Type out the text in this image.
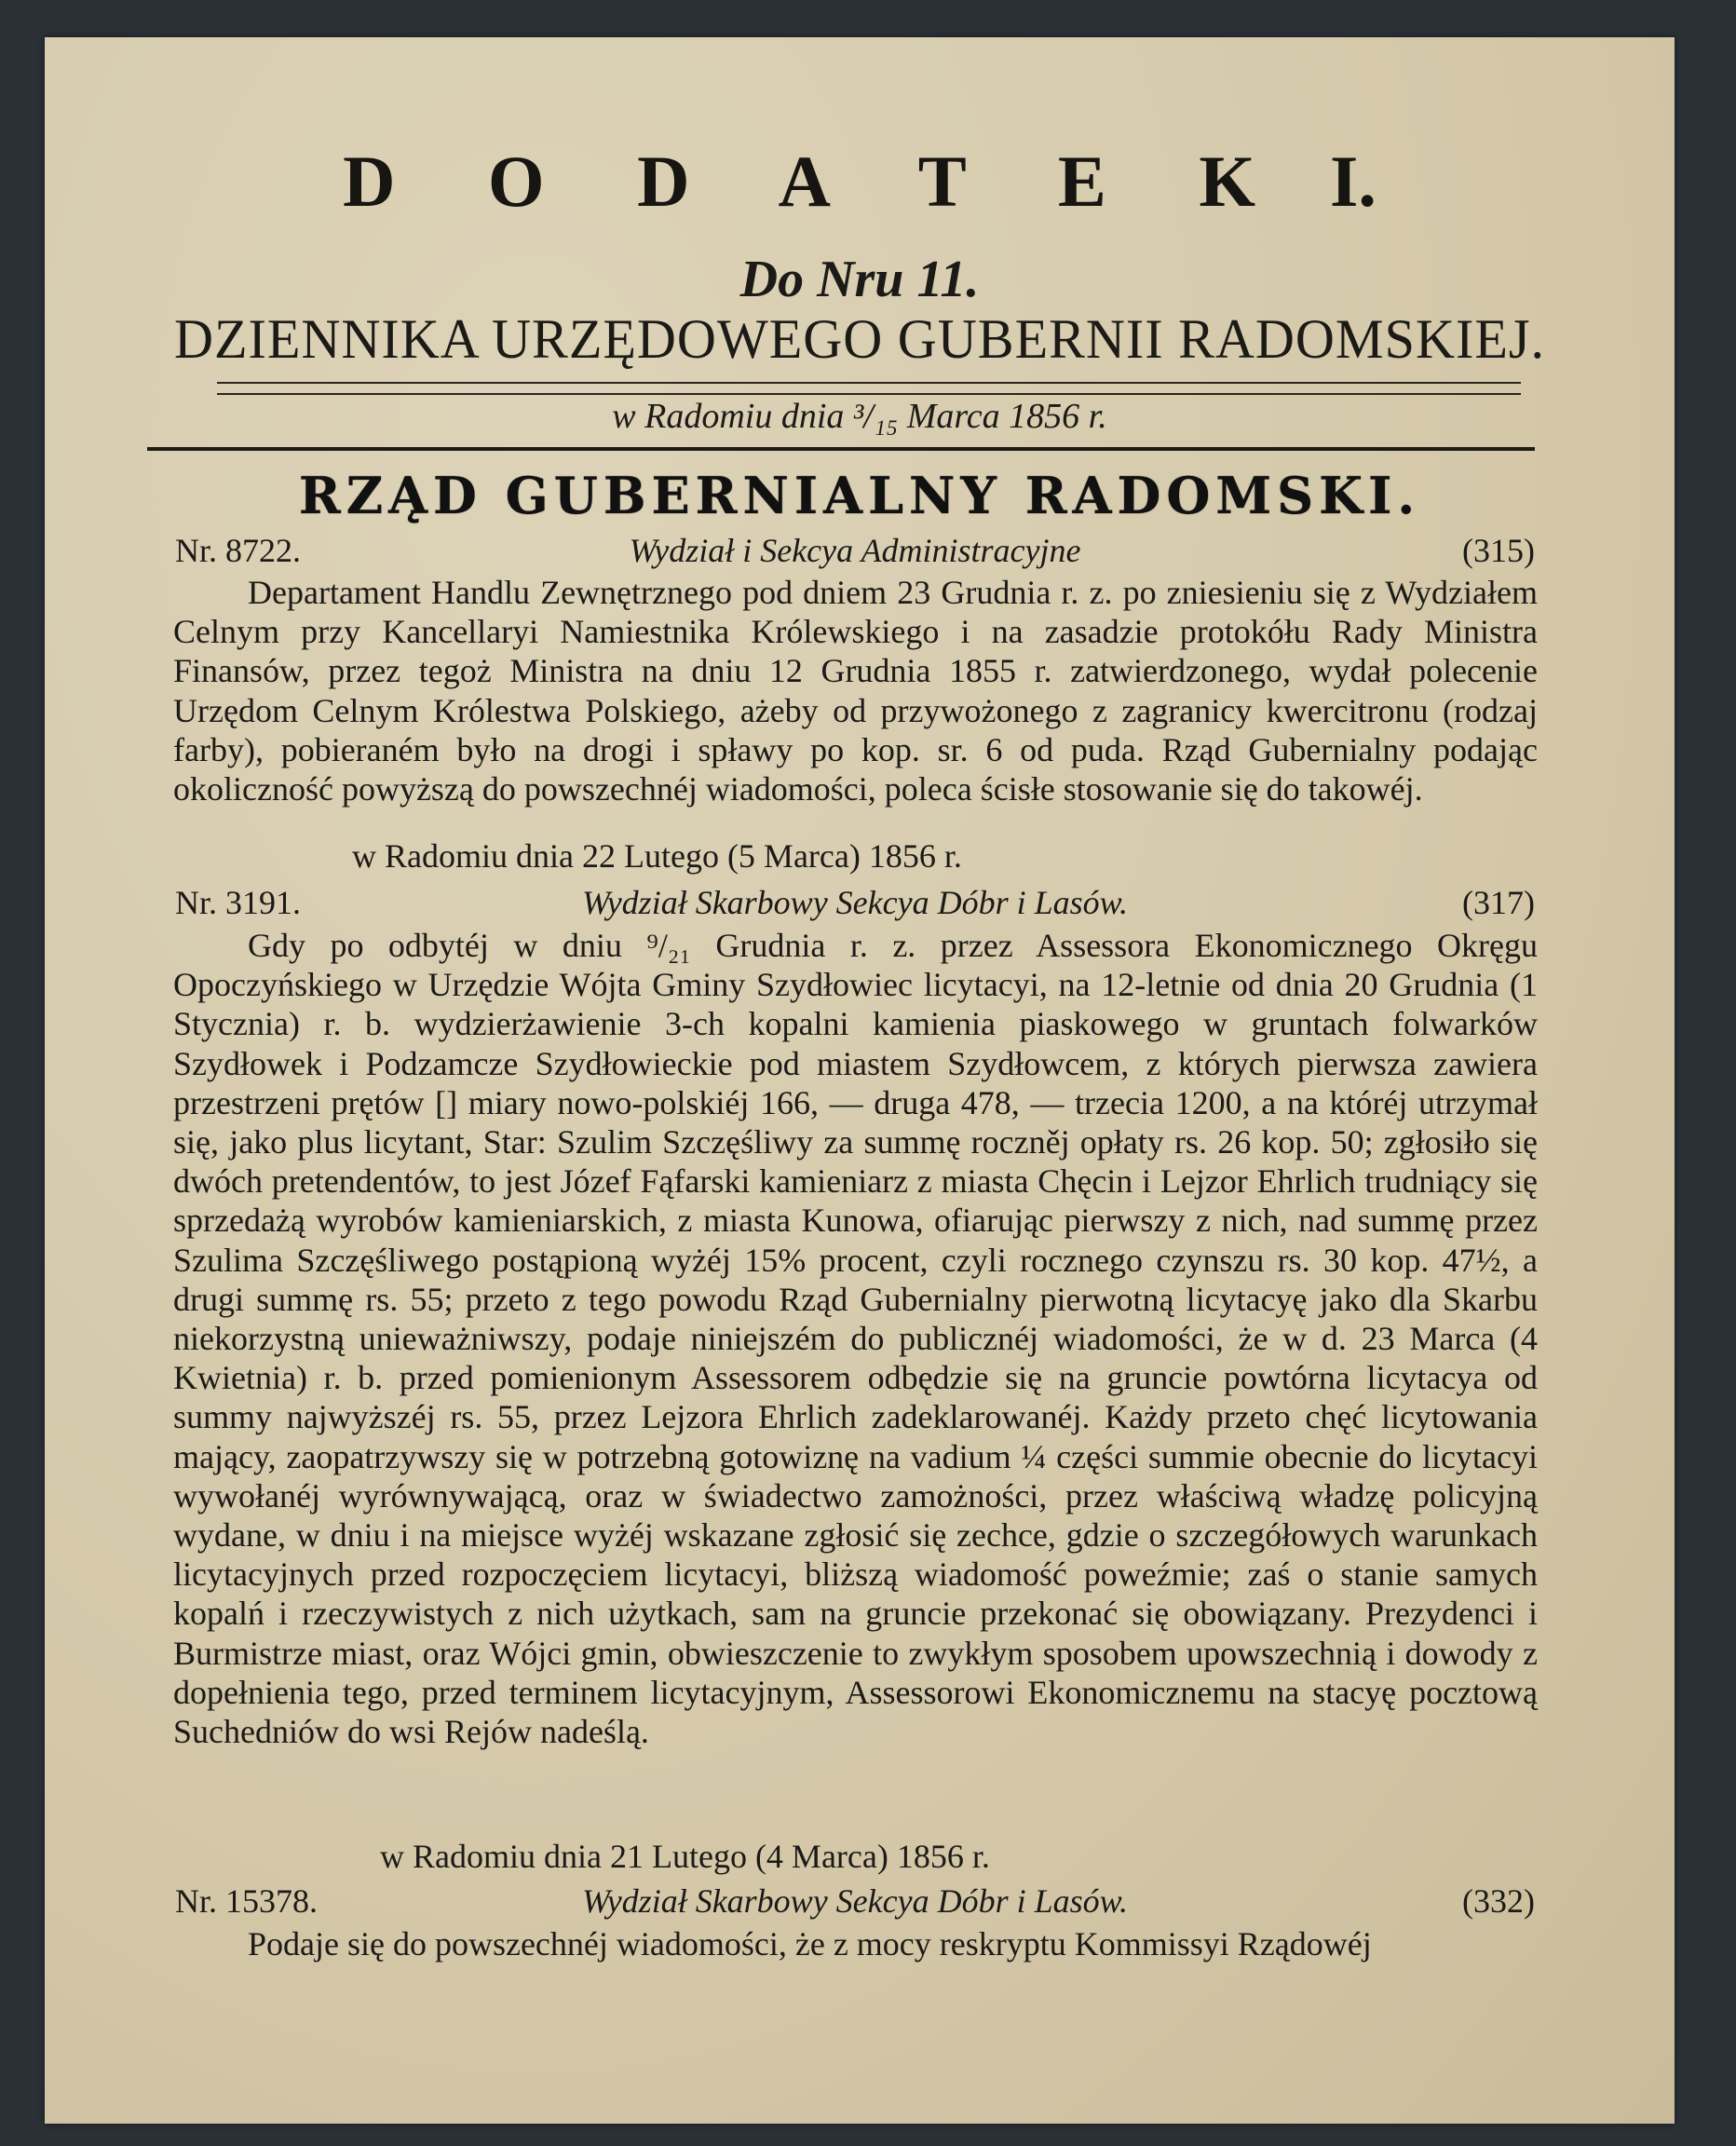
D O D A T E K I.
Do Nru 11.
DZIENNIKA URZĘDOWEGO GUBERNII RADOMSKIEJ.
w Radomiu dnia ³/₁₅ Marca 1856 r.
RZĄD GUBERNIALNY RADOMSKI.
Nr. 8722.	Wydział i Sekcya Administracyjne	(315)
Departament Handlu Zewnętrznego pod dniem 23 Grudnia r. z. po zniesieniu się z Wydziałem Celnym przy Kancellaryi Namiestnika Królewskiego i na zasadzie protokółu Rady Ministra Finansów, przez tegoż Ministra na dniu 12 Grudnia 1855 r. zatwierdzonego, wydał polecenie Urzędom Celnym Królestwa Polskiego, ażeby od przywożonego z zagranicy kwercitronu (rodzaj farby), pobieraném było na drogi i spławy po kop. sr. 6 od puda. Rząd Gubernialny podając okoliczność powyższą do powszechnéj wiadomości, poleca ścisłe stosowanie się do takowéj.
w Radomiu dnia 22 Lutego (5 Marca) 1856 r.
Nr. 3191.	Wydział Skarbowy Sekcya Dóbr i Lasów.	(317)
Gdy po odbytéj w dniu ⁹/₂₁ Grudnia r. z. przez Assessora Ekonomicznego Okręgu Opoczyńskiego w Urzędzie Wójta Gminy Szydłowiec licytacyi, na 12-letnie od dnia 20 Grudnia (1 Stycznia) r. b. wydzierżawienie 3-ch kopalni kamienia piaskowego w gruntach folwarków Szydłowek i Podzamcze Szydłowieckie pod miastem Szydłowcem, z których pierwsza zawiera przestrzeni prętów [] miary nowo-polskiéj 166, — druga 478, — trzecia 1200, a na któréj utrzymał się, jako plus licytant, Star: Szulim Szczęśliwy za summę roczněj opłaty rs. 26 kop. 50; zgłosiło się dwóch pretendentów, to jest Józef Fąfarski kamieniarz z miasta Chęcin i Lejzor Ehrlich trudniący się sprzedażą wyrobów kamieniarskich, z miasta Kunowa, ofiarując pierwszy z nich, nad summę przez Szulima Szczęśliwego postąpioną wyżéj 15% procent, czyli rocznego czynszu rs. 30 kop. 47½, a drugi summę rs. 55; przeto z tego powodu Rząd Gubernialny pierwotną licytacyę jako dla Skarbu niekorzystną unieważniwszy, podaje niniejszém do publicznéj wiadomości, że w d. 23 Marca (4 Kwietnia) r. b. przed pomienionym Assessorem odbędzie się na gruncie powtórna licytacya od summy najwyższéj rs. 55, przez Lejzora Ehrlich zadeklarowanéj. Każdy przeto chęć licytowania mający, zaopatrzywszy się w potrzebną gotowiznę na vadium ¼ części summie obecnie do licytacyi wywołanéj wyrównywającą, oraz w świadectwo zamożności, przez właściwą władzę policyjną wydane, w dniu i na miejsce wyżéj wskazane zgłosić się zechce, gdzie o szczegółowych warunkach licytacyjnych przed rozpoczęciem licytacyi, bliższą wiadomość poweźmie; zaś o stanie samych kopalń i rzeczywistych z nich użytkach, sam na gruncie przekonać się obowiązany. Prezydenci i Burmistrze miast, oraz Wójci gmin, obwieszczenie to zwykłym sposobem upowszechnią i dowody z dopełnienia tego, przed terminem licytacyjnym, Assessorowi Ekonomicznemu na stacyę pocztową Suchedniów do wsi Rejów nadeślą.
w Radomiu dnia 21 Lutego (4 Marca) 1856 r.
Nr. 15378.	Wydział Skarbowy Sekcya Dóbr i Lasów.	(332)
Podaje się do powszechnéj wiadomości, że z mocy reskryptu Kommissyi Rządowéj
